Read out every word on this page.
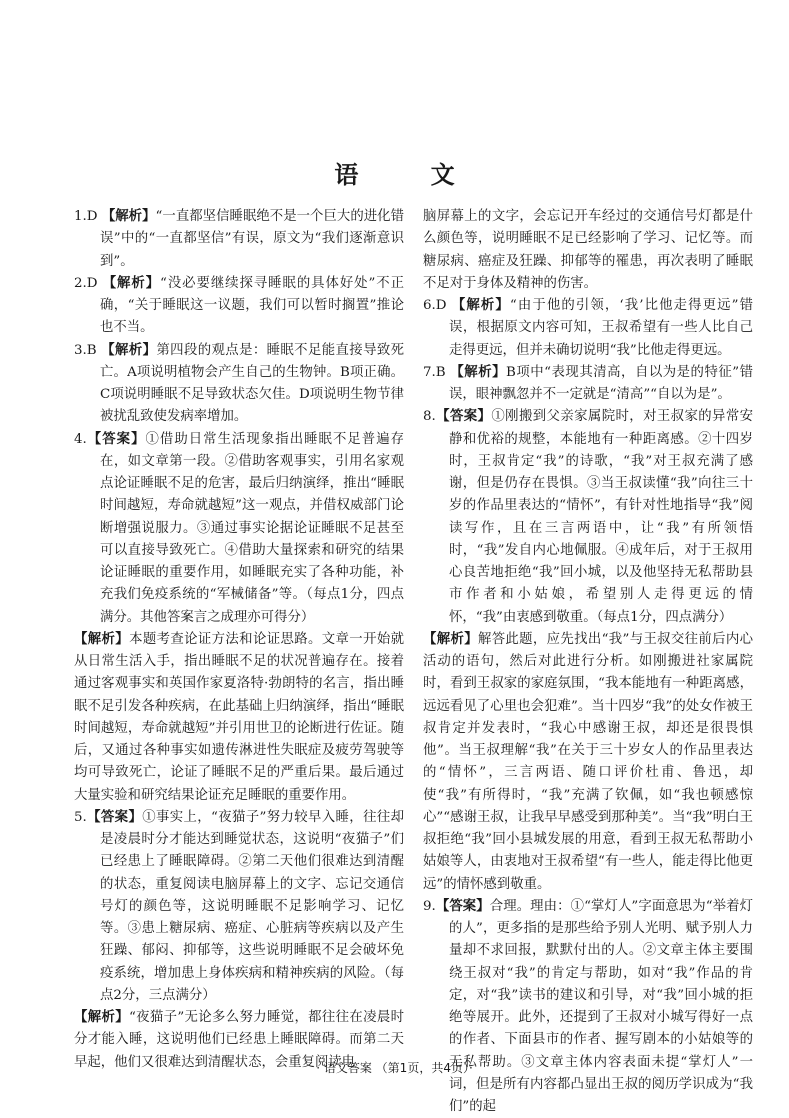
语 文

1.D 【解析】“一直都坚信睡眠绝不是一个巨大的进化错误”中的“一直都坚信”有误，原文为“我们逐渐意识到”。

2.D 【解析】“没必要继续探寻睡眠的具体好处”不正确，“关于睡眠这一议题，我们可以暂时搁置”推论也不当。

3.B 【解析】第四段的观点是：睡眠不足能直接导致死亡。A项说明植物会产生自己的生物钟。B项正确。C项说明睡眠不足导致状态欠佳。D项说明生物节律被扰乱致使发病率增加。

4.【答案】①借助日常生活现象指出睡眠不足普遍存在，如文章第一段。②借助客观事实，引用名家观点论证睡眠不足的危害，最后归纳演绎，推出“睡眠时间越短，寿命就越短”这一观点，并借权威部门论断增强说服力。③通过事实论据论证睡眠不足甚至可以直接导致死亡。④借助大量探索和研究的结果论证睡眠的重要作用，如睡眠充实了各种功能，补充我们免疫系统的“军械储备”等。（每点1分，四点满分。其他答案言之成理亦可得分）

【解析】本题考查论证方法和论证思路。文章一开始就从日常生活入手，指出睡眠不足的状况普遍存在。接着通过客观事实和英国作家夏洛特·勃朗特的名言，指出睡眠不足引发各种疾病，在此基础上归纳演绎，指出“睡眠时间越短，寿命就越短”并引用世卫的论断进行佐证。随后，又通过各种事实如遗传淋进性失眠症及疲劳驾驶等均可导致死亡，论证了睡眠不足的严重后果。最后通过大量实验和研究结果论证充足睡眠的重要作用。

5.【答案】①事实上，“夜猫子”努力较早入睡，往往却是凌晨时分才能达到睡觉状态，这说明“夜猫子”们已经患上了睡眠障碍。②第二天他们很难达到清醒的状态，重复阅读电脑屏幕上的文字、忘记交通信号灯的颜色等，这说明睡眠不足影响学习、记忆等。③患上糖尿病、癌症、心脏病等疾病以及产生狂躁、郁闷、抑郁等，这些说明睡眠不足会破坏免疫系统，增加患上身体疾病和精神疾病的风险。（每点2分，三点满分）

【解析】“夜猫子”无论多么努力睡觉，都往往在凌晨时分才能入睡，这说明他们已经患上睡眠障碍。而第二天早起，他们又很难达到清醒状态，会重复阅读电

脑屏幕上的文字，会忘记开车经过的交通信号灯都是什么颜色等，说明睡眠不足已经影响了学习、记忆等。而糖尿病、癌症及狂躁、抑郁等的罹患，再次表明了睡眠不足对于身体及精神的伤害。

6.D 【解析】“由于他的引领，‘我’比他走得更远”错误，根据原文内容可知，王叔希望有一些人比自己走得更远，但并未确切说明“我”比他走得更远。

7.B 【解析】B项中“表现其清高，自以为是的特征”错误，眼神飘忽并不一定就是“清高”“自以为是”。

8.【答案】①刚搬到父亲家属院时，对王叔家的异常安静和优裕的规整，本能地有一种距离感。②十四岁时，王叔肯定“我”的诗歌，“我”对王叔充满了感谢，但是仍存在畏惧。③当王叔读懂“我”向往三十岁的作品里表达的“情怀”，有针对性地指导“我”阅读写作，且在三言两语中，让“我”有所领悟时，“我”发自内心地佩服。④成年后，对于王叔用心良苦地拒绝“我”回小城，以及他坚持无私帮助县市作者和小姑娘，希望别人走得更远的情怀，“我”由衷感到敬重。（每点1分，四点满分）

【解析】解答此题，应先找出“我”与王叔交往前后内心活动的语句，然后对此进行分析。如刚搬进社家属院时，看到王叔家的家庭氛围，“我本能地有一种距离感，远远看见了心里也会犯难”。当十四岁“我”的处女作被王叔肯定并发表时，“我心中感谢王叔，却还是很畏惧他”。当王叔理解“我”在关于三十岁女人的作品里表达的“情怀”，三言两语、随口评价杜甫、鲁迅，却使“我”有所得时，“我”充满了钦佩，如“我也顿感惊心”“感谢王叔，让我早早感受到那种美”。当“我”明白王叔拒绝“我”回小县城发展的用意，看到王叔无私帮助小姑娘等人，由衷地对王叔希望“有一些人，能走得比他更远”的情怀感到敬重。

9.【答案】合理。理由：①“掌灯人”字面意思为“举着灯的人”，更多指的是那些给予别人光明、赋予别人力量却不求回报，默默付出的人。②文章主体主要围绕王叔对“我”的肯定与帮助，如对“我”作品的肯定，对“我”读书的建议和引导，对“我”回小城的拒绝等展开。此外，还提到了王叔对小城写得好一点的作者、下面县市的作者、握写剧本的小姑娘等的无私帮助。③文章主体内容表面未提“掌灯人”一词，但是所有内容都凸显出王叔的阅历学识成为“我们”的起

· 语文答案 （第1页，共4页）·
